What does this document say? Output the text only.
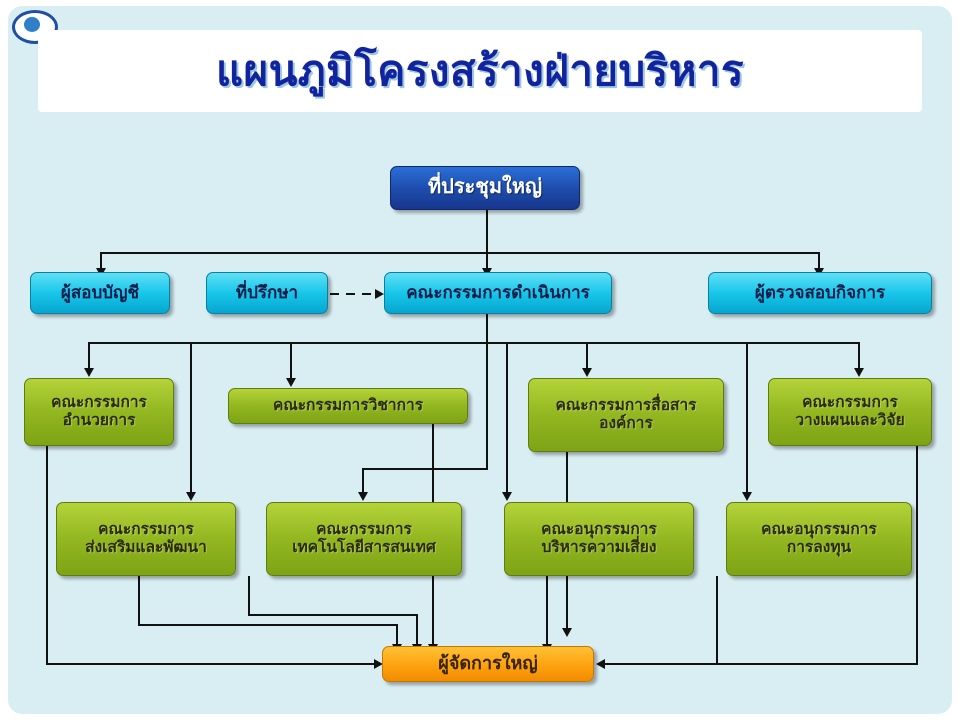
แผนภูมิโครงสร้างฝ่ายบริหาร
ที่ประชุมใหญ่
ผู้สอบบัญชี	ที่ปรึกษา	คณะกรรมการดำเนินการ	ผู้ตรวจสอบกิจการ
คณะกรรมการ
อำนวยการ
คณะกรรมการวิชาการ	คณะกรรมการสื่อสาร
องค์การ
คณะกรรมการ
วางแผนและวิจัย
คณะกรรมการ
ส่งเสริมและพัฒนา
คณะกรรมการ
เทคโนโลยีสารสนเทศ
คณะอนุกรรมการ
บริหารความเสี่ยง
คณะอนุกรรมการ
การลงทุน
ผู้จัดการใหญ่
